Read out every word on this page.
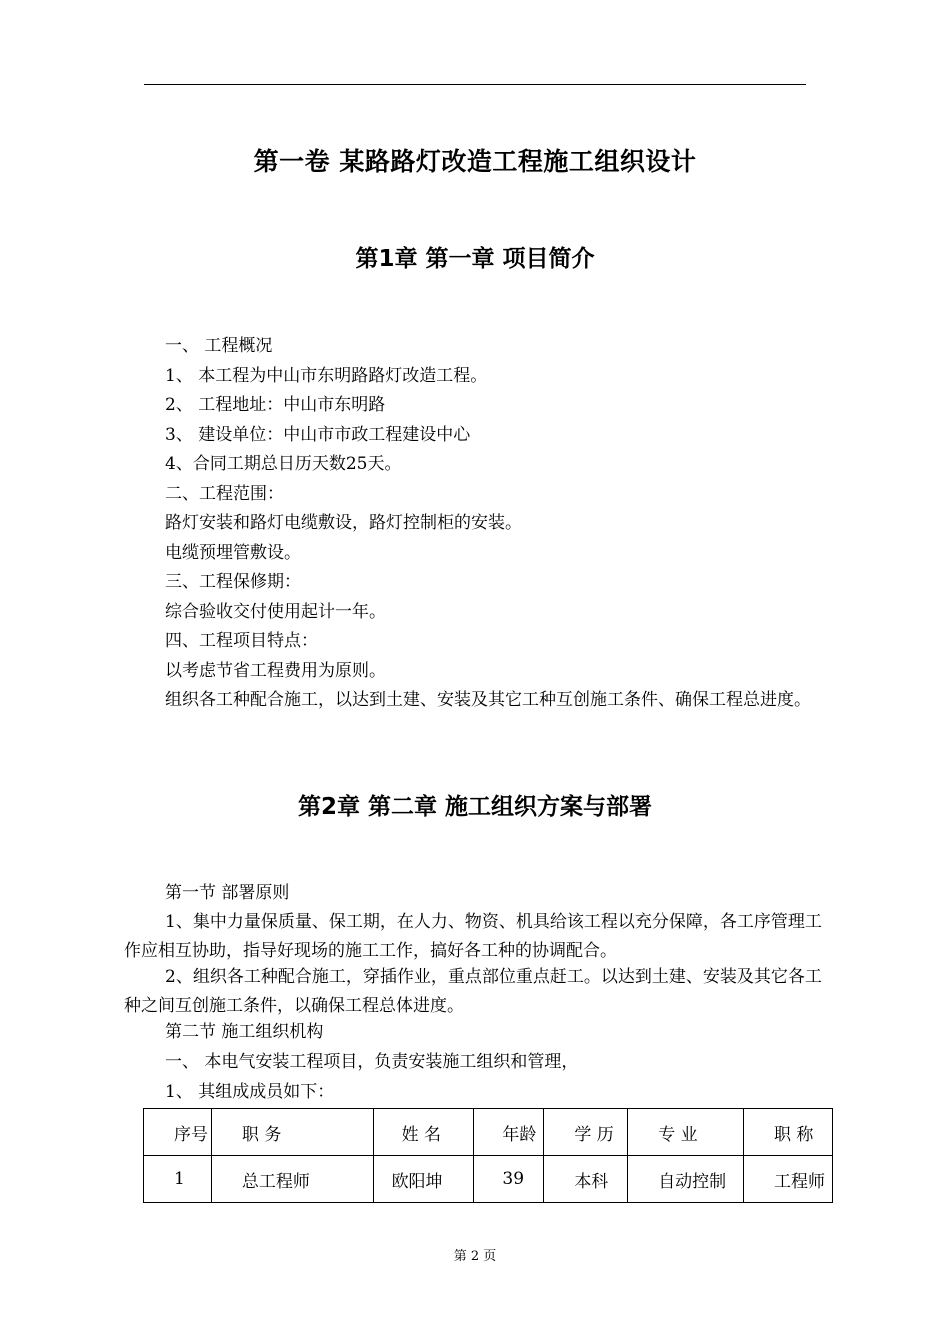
第一卷 某路路灯改造工程施工组织设计
第1章 第一章 项目简介
一、 工程概况
1、 本工程为中山市东明路路灯改造工程。
2、 工程地址：中山市东明路
3、 建设单位：中山市市政工程建设中心
4、合同工期总日历天数25天。
二、工程范围：
路灯安装和路灯电缆敷设，路灯控制柜的安装。
电缆预埋管敷设。
三、工程保修期：
综合验收交付使用起计一年。
四、工程项目特点：
以考虑节省工程费用为原则。
组织各工种配合施工，以达到土建、安装及其它工种互创施工条件、确保工程总进度。
第2章 第二章 施工组织方案与部署
第一节 部署原则
1、集中力量保质量、保工期，在人力、物资、机具给该工程以充分保障，各工序管理工作应相互协助，指导好现场的施工工作，搞好各工种的协调配合。
2、组织各工种配合施工，穿插作业，重点部位重点赶工。以达到土建、安装及其它各工种之间互创施工条件，以确保工程总体进度。
第二节 施工组织机构
一、 本电气安装工程项目，负责安装施工组织和管理，
1、 其组成成员如下：
序号	职 务	姓 名	年龄	学 历	专 业	职 称
1	总工程师	欧阳坤	39	本科	自动控制	工程师
第 2 页
